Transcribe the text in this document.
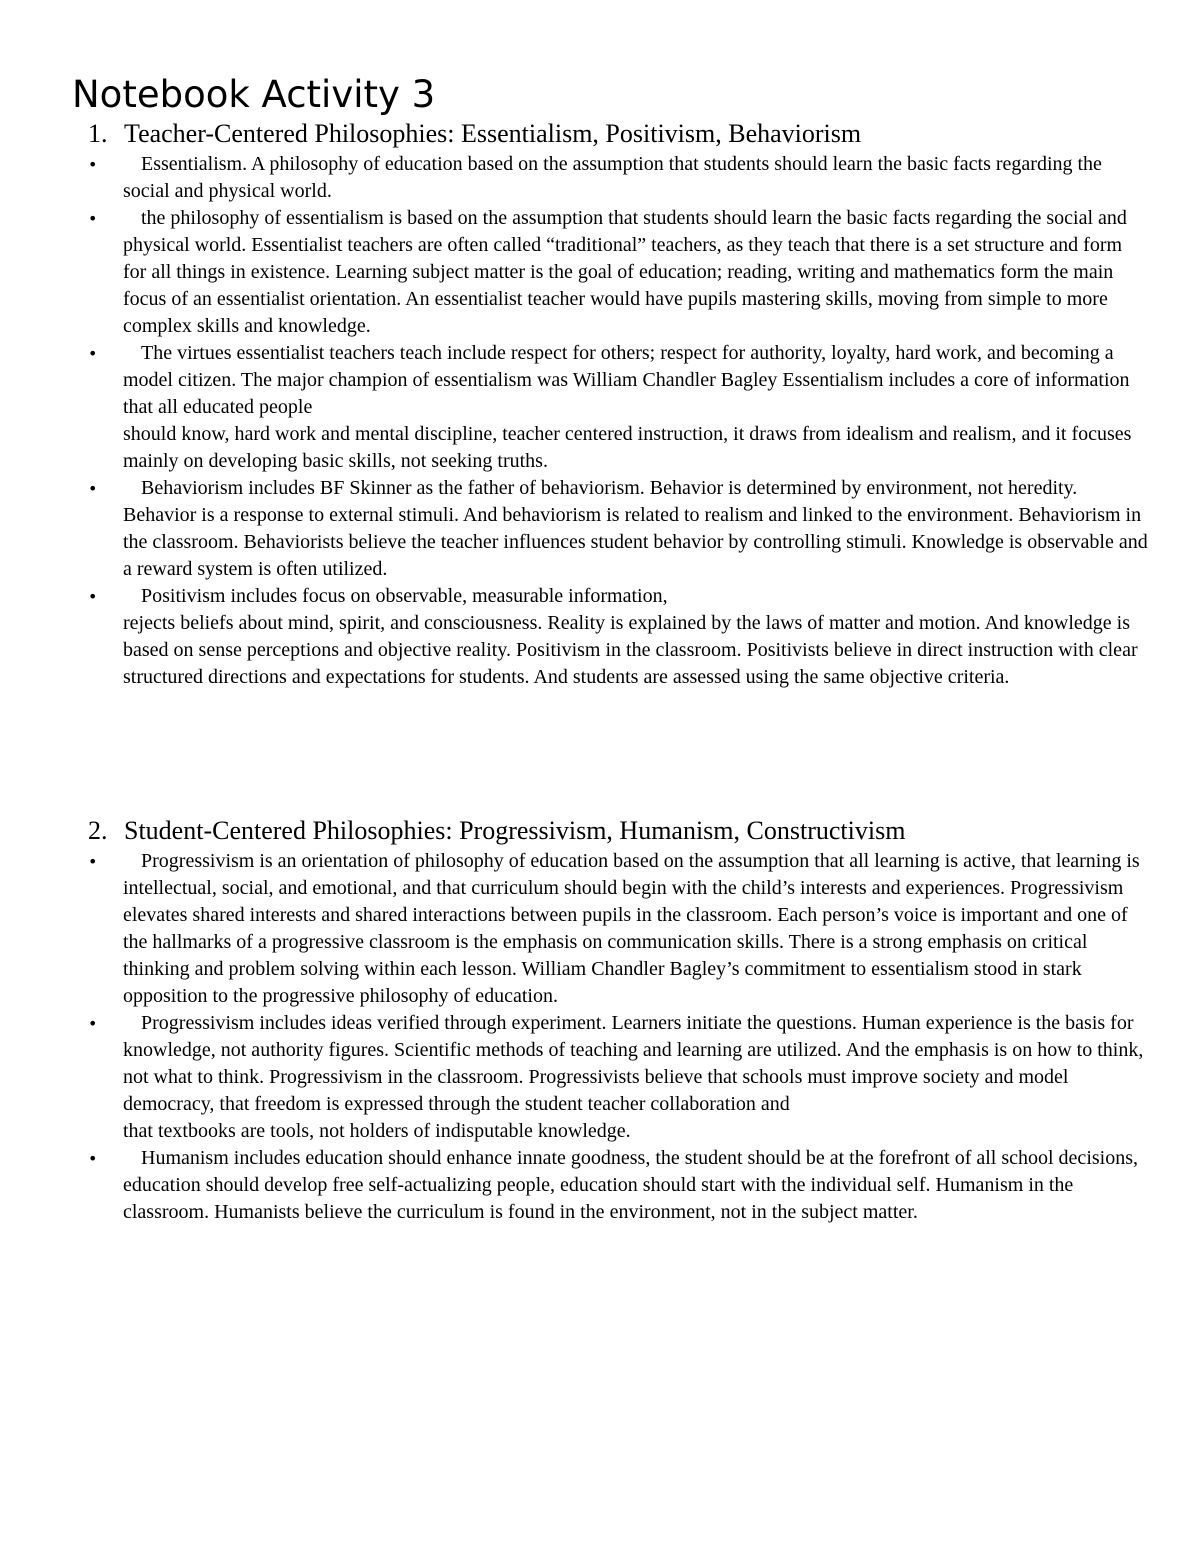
Notebook Activity 3
1. Teacher-Centered Philosophies: Essentialism, Positivism, Behaviorism
• Essentialism. A philosophy of education based on the assumption that students should learn the basic facts regarding the social and physical world.
• the philosophy of essentialism is based on the assumption that students should learn the basic facts regarding the social and physical world. Essentialist teachers are often called “traditional” teachers, as they teach that there is a set structure and form for all things in existence. Learning subject matter is the goal of education; reading, writing and mathematics form the main focus of an essentialist orientation. An essentialist teacher would have pupils mastering skills, moving from simple to more complex skills and knowledge.
• The virtues essentialist teachers teach include respect for others; respect for authority, loyalty, hard work, and becoming a model citizen. The major champion of essentialism was William Chandler Bagley Essentialism includes a core of information that all educated people
should know, hard work and mental discipline, teacher centered instruction, it draws from idealism and realism, and it focuses mainly on developing basic skills, not seeking truths.
• Behaviorism includes BF Skinner as the father of behaviorism. Behavior is determined by environment, not heredity. Behavior is a response to external stimuli. And behaviorism is related to realism and linked to the environment. Behaviorism in the classroom. Behaviorists believe the teacher influences student behavior by controlling stimuli. Knowledge is observable and a reward system is often utilized.
• Positivism includes focus on observable, measurable information,
rejects beliefs about mind, spirit, and consciousness. Reality is explained by the laws of matter and motion. And knowledge is based on sense perceptions and objective reality. Positivism in the classroom. Positivists believe in direct instruction with clear structured directions and expectations for students. And students are assessed using the same objective criteria.
2. Student-Centered Philosophies: Progressivism, Humanism, Constructivism
• Progressivism is an orientation of philosophy of education based on the assumption that all learning is active, that learning is intellectual, social, and emotional, and that curriculum should begin with the child’s interests and experiences. Progressivism elevates shared interests and shared interactions between pupils in the classroom. Each person’s voice is important and one of the hallmarks of a progressive classroom is the emphasis on communication skills. There is a strong emphasis on critical thinking and problem solving within each lesson. William Chandler Bagley’s commitment to essentialism stood in stark opposition to the progressive philosophy of education.
• Progressivism includes ideas verified through experiment. Learners initiate the questions. Human experience is the basis for knowledge, not authority figures. Scientific methods of teaching and learning are utilized. And the emphasis is on how to think, not what to think. Progressivism in the classroom. Progressivists believe that schools must improve society and model democracy, that freedom is expressed through the student teacher collaboration and
that textbooks are tools, not holders of indisputable knowledge.
• Humanism includes education should enhance innate goodness, the student should be at the forefront of all school decisions, education should develop free self-actualizing people, education should start with the individual self. Humanism in the classroom. Humanists believe the curriculum is found in the environment, not in the subject matter.
